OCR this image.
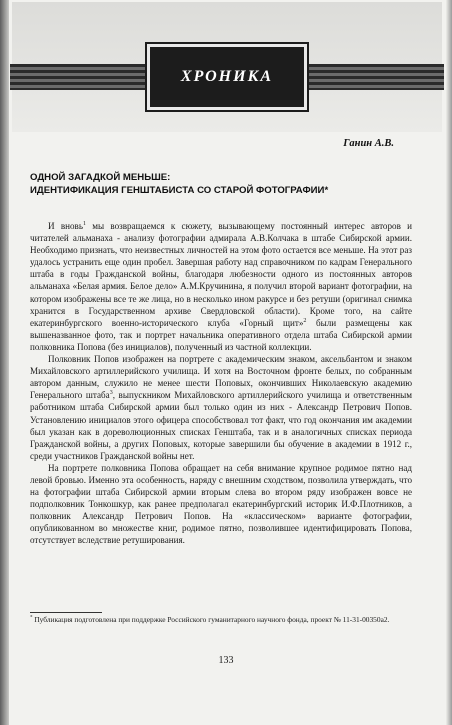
ХРОНИКА
Ганин А.В.
ОДНОЙ ЗАГАДКОЙ МЕНЬШЕ:
ИДЕНТИФИКАЦИЯ ГЕНШТАБИСТА СО СТАРОЙ ФОТОГРАФИИ*

И вновь$^1$ мы возвращаемся к сюжету, вызывающему постоянный интерес авторов и читателей альманаха - анализу фотографии адмирала А.В.Колчака в штабе Сибирской армии. Необходимо признать, что неизвестных личностей на этом фото остается все меньше. На этот раз удалось устранить еще один пробел. Завершая работу над справочником по кадрам Генерального штаба в годы Гражданской войны, благодаря любезности одного из постоянных авторов альманаха «Белая армия. Белое дело» А.М.Кручинина, я получил второй вариант фотографии, на котором изображены все те же лица, но в несколько ином ракурсе и без ретуши (оригинал снимка хранится в Государственном архиве Свердловской области). Кроме того, на сайте екатеринбургского военно-исторического клуба «Горный щит»$^2$ были размещены как вышеназванное фото, так и портрет начальника оперативного отдела штаба Сибирской армии полковника Попова (без инициалов), полученный из частной коллекции.

Полковник Попов изображен на портрете с академическим знаком, аксельбантом и знаком Михайловского артиллерийского училища. И хотя на Восточном фронте белых, по собранным автором данным, служило не менее шести Поповых, окончивших Николаевскую академию Генерального штаба$^3$, выпускником Михайловского артиллерийского училища и ответственным работником штаба Сибирской армии был только один из них - Александр Петрович Попов. Установлению инициалов этого офицера способствовал тот факт, что год окончания им академии был указан как в дореволюционных списках Генштаба, так и в аналогичных списках периода Гражданской войны, а других Поповых, которые завершили бы обучение в академии в 1912 г., среди участников Гражданской войны нет.

На портрете полковника Попова обращает на себя внимание крупное родимое пятно над левой бровью. Именно эта особенность, наряду с внешним сходством, позволила утверждать, что на фотографии штаба Сибирской армии вторым слева во втором ряду изображен вовсе не подполковник Тонкошкур, как ранее предполагал екатеринбургский историк И.Ф.Плотников, а полковник Александр Петрович Попов. На «классическом» варианте фотографии, опубликованном во множестве книг, родимое пятно, позволившее идентифицировать Попова, отсутствует вследствие ретуширования.

* Публикация подготовлена при поддержке Российского гуманитарного научного фонда, проект № 11-31-00350а2.
133
